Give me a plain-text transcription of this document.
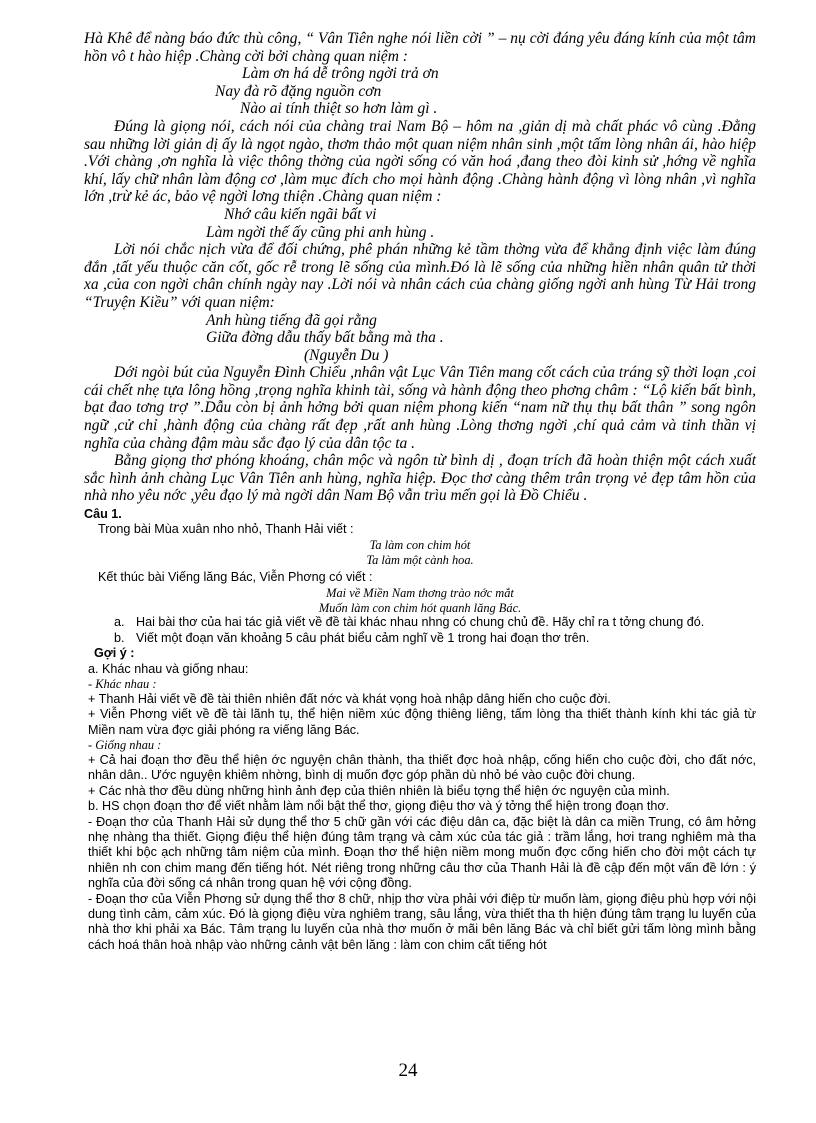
Hà Khê để nàng báo đức thù công, “ Vân Tiên nghe nói liền cời ” – nụ cời đáng yêu đáng kính của một tâm hồn vô t hào hiệp .Chàng cời bởi chàng quan niệm :

Làm ơn há dễ trông ngời trả ơn

Nay đà rõ đặng nguồn cơn

Nào ai tính thiệt so hơn làm gì .

Đúng là giọng nói, cách nói của chàng trai Nam Bộ – hôm na ,giản dị mà chất phác vô cùng .Đằng sau những lời giản dị ấy là ngọt ngào, thơm thảo một quan niệm nhân sinh ,một tấm lòng nhân ái, hào hiệp .Với chàng ,ơn nghĩa là việc thông thờng của ngời sống có văn hoá ,đang theo đòi kinh sử ,hớng về nghĩa khí, lấy chữ nhân làm động cơ ,làm mục đích cho mọi hành động .Chàng hành động vì lòng nhân ,vì nghĩa lớn ,trừ kẻ ác, bảo vệ ngời lơng thiện .Chàng quan niệm :

Nhớ câu kiến ngãi bất vi

Làm ngời thế ấy cũng phi anh hùng .

Lời nói chắc nịch vừa để đối chứng, phê phán những kẻ tầm thờng vừa để khẳng định việc làm đúng đắn ,tất yếu thuộc căn cốt, gốc rễ trong lẽ sống của mình.Đó là lẽ sống của những hiền nhân quân tử thời xa ,của con ngời chân chính ngày nay .Lời nói và nhân cách của chàng giống ngời anh hùng Từ Hải trong “Truyện Kiều” với quan niệm:

Anh hùng tiếng đã gọi rằng

Giữa đờng dẫu thấy bất bằng mà tha .

(Nguyễn Du )

Dới ngòi bút của Nguyễn Đình Chiểu ,nhân vật Lục Vân Tiên mang cốt cách của tráng sỹ thời loạn ,coi cái chết nhẹ tựa lông hồng ,trọng nghĩa khinh tài, sống và hành động theo phơng châm : “Lộ kiến bất bình, bạt đao tơng trợ ”.Dẫu còn bị ảnh hởng bởi quan niệm phong kiến “nam nữ thụ thụ bất thân ” song ngôn ngữ ,cử chỉ ,hành động của chàng rất đẹp ,rất anh hùng .Lòng thơng ngời ,chí quả cảm và tinh thần vị nghĩa của chàng đậm màu sắc đạo lý của dân tộc ta .

Bằng giọng thơ phóng khoáng, chân mộc và ngôn từ bình dị , đoạn trích đã hoàn thiện một cách xuất sắc hình ảnh chàng Lục Vân Tiên anh hùng, nghĩa hiệp. Đọc thơ càng thêm trân trọng vẻ đẹp tâm hồn của nhà nho yêu nớc ,yêu đạo lý mà ngời dân Nam Bộ vẫn trìu mến gọi là Đồ Chiểu .

Câu 1.

Trong bài Mùa xuân nho nhỏ, Thanh Hải viết :

Ta làm con chim hót

Ta làm một cành hoa.

Kết thúc bài Viếng lăng Bác, Viễn Phơng có viết :

Mai về Miền Nam thơng trào nớc mắt

Muốn làm con chim hót quanh lăng Bác.

a. Hai bài thơ của hai tác giả viết về đề tài khác nhau nhng có chung chủ đề. Hãy chỉ ra t tởng chung đó.
b. Viết một đoạn văn khoảng 5 câu phát biểu cảm nghĩ về 1 trong hai đoạn thơ trên.

Gợi ý :

a. Khác nhau và giống nhau:

- Khác nhau :

+ Thanh Hải viết về đề tài thiên nhiên đất nớc và khát vọng hoà nhập dâng hiến cho cuộc đời.

+ Viễn Phơng viết về đề tài lãnh tụ, thể hiện niềm xúc động thiêng liêng, tấm lòng tha thiết thành kính khi tác giả từ Miền nam vừa đợc giải phóng ra viếng lăng Bác.

- Giống nhau :

+ Cả hai đoạn thơ đều thể hiện ớc nguyện chân thành, tha thiết đợc hoà nhập, cống hiến cho cuộc đời, cho đất nớc, nhân dân.. Ước nguyện khiêm nhờng, bình dị muốn đợc góp phần dù nhỏ bé vào cuộc đời chung.

+ Các nhà thơ đều dùng những hình ảnh đẹp của thiên nhiên là biểu tợng thể hiện ớc nguyện của mình.

b. HS chọn đoạn thơ để viết nhằm làm nổi bật thể thơ, giọng điệu thơ và ý tởng thể hiện trong đoạn thơ.

- Đoạn thơ của Thanh Hải sử dụng thể thơ 5 chữ gần với các điệu dân ca, đặc biệt là dân ca miền Trung, có âm hởng nhẹ nhàng tha thiết. Giọng điệu thể hiện đúng tâm trạng và cảm xúc của tác giả : trầm lắng, hơi trang nghiêm mà tha thiết khi bộc ạch những tâm niệm của mình. Đoạn thơ thể hiện niềm mong muốn đợc cống hiến cho đời một cách tự nhiên nh con chim mang đến tiếng hót. Nét riêng trong những câu thơ của Thanh Hải là đề cập đến một vấn đề lớn : ý nghĩa của đời sống cá nhân trong quan hệ với cộng đồng.

- Đoạn thơ của Viễn Phơng sử dụng thể thơ 8 chữ, nhịp thơ vừa phải với điệp từ muốn làm, giọng điệu phù hợp với nội dung tình cảm, cảm xúc. Đó là giọng điệu vừa nghiêm trang, sâu lắng, vừa thiết tha th hiện đúng tâm trạng lu luyến của nhà thơ khi phải xa Bác. Tâm trạng lu luyến của nhà thơ muốn ở mãi bên lăng Bác và chỉ biết gửi tấm lòng mình bằng cách hoá thân hoà nhập vào những cảnh vật bên lăng : làm con chim cất tiếng hót

24
